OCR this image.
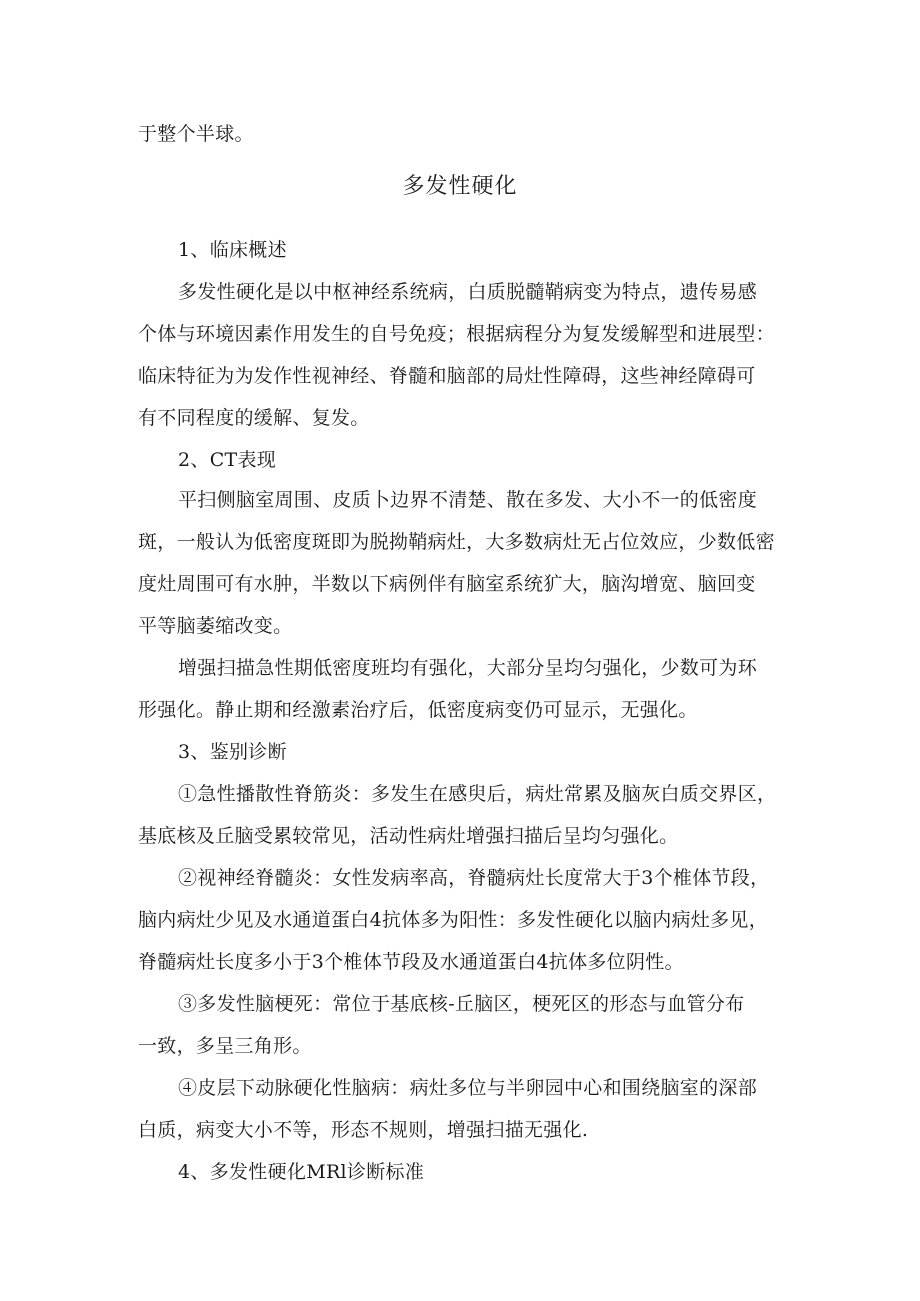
于整个半球。
多发性硬化
1、临床概述
多发性硬化是以中枢神经系统病，白质脱髓鞘病变为特点，遗传易感
个体与环境因素作用发生的自号免疫；根据病程分为复发缓解型和进展型：
临床特征为为发作性视神经、脊髓和脑部的局灶性障碍，这些神经障碍可
有不同程度的缓解、复发。
2、CT表现
平扫侧脑室周围、皮质卜边界不清楚、散在多发、大小不一的低密度
斑，一般认为低密度斑即为脱拗鞘病灶，大多数病灶无占位效应，少数低密
度灶周围可有水肿，半数以下病例伴有脑室系统犷大，脑沟增宽、脑回变
平等脑萎缩改变。
增强扫描急性期低密度班均有强化，大部分呈均匀强化，少数可为环
形强化。静止期和经激素治疗后，低密度病变仍可显示，无强化。
3、鉴别诊断
①急性播散性脊筋炎：多发生在感臾后，病灶常累及脑灰白质交界区，
基底核及丘脑受累较常见，活动性病灶增强扫描后呈均匀强化。
②视神经脊髓炎：女性发病率高，脊髓病灶长度常大于3个椎体节段，
脑内病灶少见及水通道蛋白4抗体多为阳性：多发性硬化以脑内病灶多见，
脊髓病灶长度多小于3个椎体节段及水通道蛋白4抗体多位阴性。
③多发性脑梗死：常位于基底核-丘脑区，梗死区的形态与血管分布
一致，多呈三角形。
④皮层下动脉硬化性脑病：病灶多位与半卵园中心和围绕脑室的深部
白质，病变大小不等，形态不规则，增强扫描无强化.
4、多发性硬化MRl诊断标准
